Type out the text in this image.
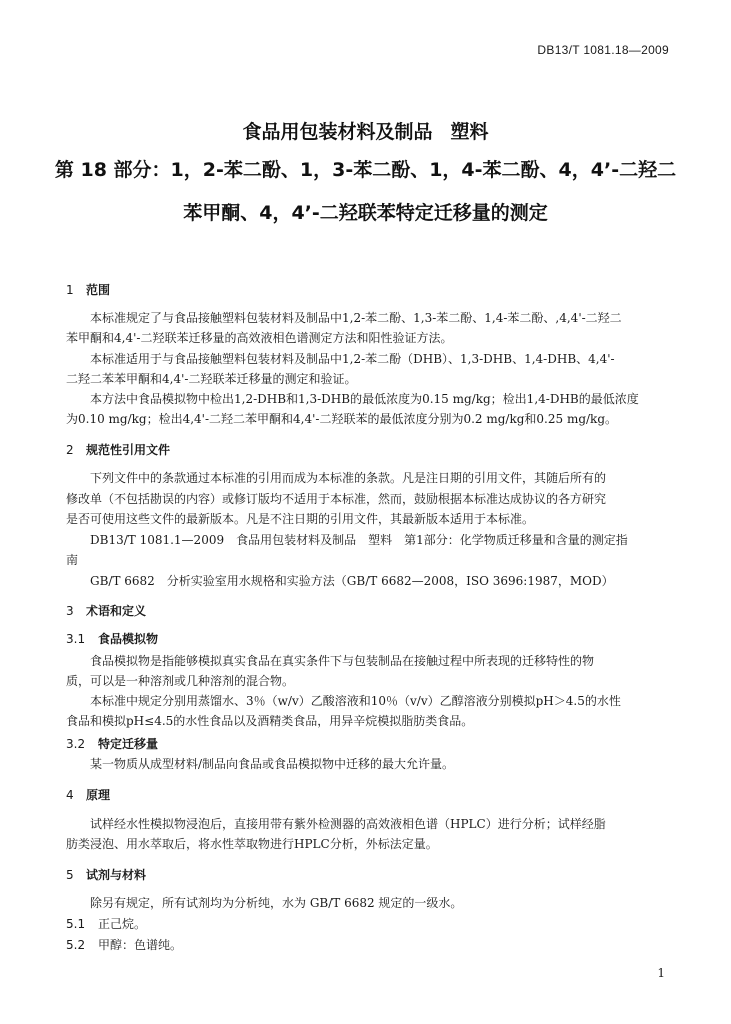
DB13/T 1081.18—2009
食品用包装材料及制品 塑料
第 18 部分：1，2-苯二酚、1，3-苯二酚、1，4-苯二酚、4，4’-二羟二
苯甲酮、4，4’-二羟联苯特定迁移量的测定
1 范围
本标准规定了与食品接触塑料包装材料及制品中1,2-苯二酚、1,3-苯二酚、1,4-苯二酚、,4,4'-二羟二
苯甲酮和4,4'-二羟联苯迁移量的高效液相色谱测定方法和阳性验证方法。
本标准适用于与食品接触塑料包装材料及制品中1,2-苯二酚（DHB）、1,3-DHB、1,4-DHB、4,4'-
二羟二苯苯甲酮和4,4'-二羟联苯迁移量的测定和验证。
本方法中食品模拟物中检出1,2-DHB和1,3-DHB的最低浓度为0.15 mg/kg；检出1,4-DHB的最低浓度
为0.10 mg/kg；检出4,4'-二羟二苯甲酮和4,4'-二羟联苯的最低浓度分别为0.2 mg/kg和0.25 mg/kg。
2 规范性引用文件
下列文件中的条款通过本标准的引用而成为本标准的条款。凡是注日期的引用文件，其随后所有的
修改单（不包括勘误的内容）或修订版均不适用于本标准，然而，鼓励根据本标准达成协议的各方研究
是否可使用这些文件的最新版本。凡是不注日期的引用文件，其最新版本适用于本标准。
DB13/T 1081.1—2009　食品用包装材料及制品　塑料　第1部分：化学物质迁移量和含量的测定指
南
GB/T 6682　分析实验室用水规格和实验方法（GB/T 6682—2008，ISO 3696:1987，MOD）
3 术语和定义
3.1 食品模拟物
食品模拟物是指能够模拟真实食品在真实条件下与包装制品在接触过程中所表现的迁移特性的物
质，可以是一种溶剂或几种溶剂的混合物。
本标准中规定分别用蒸馏水、3％（w/v）乙酸溶液和10％（v/v）乙醇溶液分别模拟pH＞4.5的水性
食品和模拟pH≤4.5的水性食品以及酒精类食品，用异辛烷模拟脂肪类食品。
3.2 特定迁移量
某一物质从成型材料/制品向食品或食品模拟物中迁移的最大允许量。
4 原理
试样经水性模拟物浸泡后，直接用带有紫外检测器的高效液相色谱（HPLC）进行分析；试样经脂
肪类浸泡、用水萃取后，将水性萃取物进行HPLC分析，外标法定量。
5 试剂与材料
除另有规定，所有试剂均为分析纯，水为 GB/T 6682 规定的一级水。
5.1 正己烷。
5.2 甲醇：色谱纯。
1
